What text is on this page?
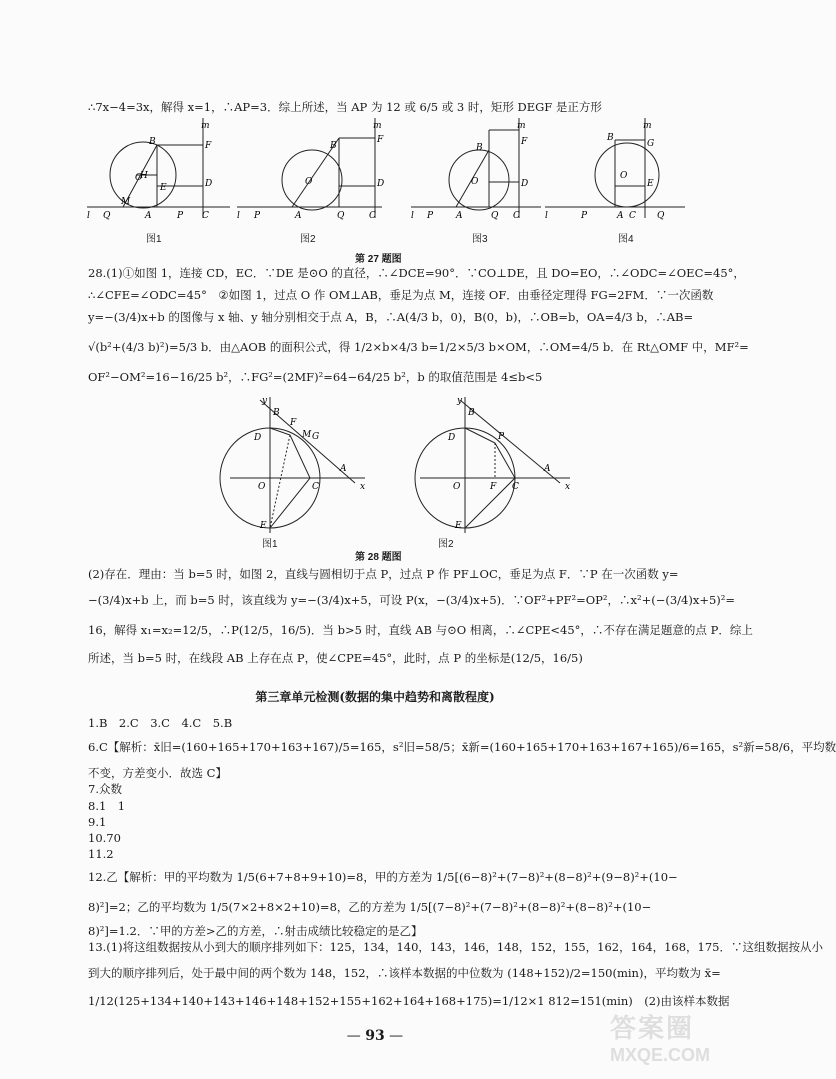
∴7x−4=3x，解得 x=1，∴AP=3．综上所述，当 AP 为 12 或 6/5 或 3 时，矩形 DEGF 是正方形
O
B
H
E
F
D
m
l Q
M
A	P C
O
B
F
D
m
l P	A	Q	C
O
B
F
D
m
l P	A	Q C
O
B
G
E
m
l	P	A C Q
图1	图2	图3	图4
第 27 题图
28.(1)①如图 1，连接 CD，EC．∵DE 是⊙O 的直径，∴∠DCE=90°．∵CO⊥DE，且 DO=EO，∴∠ODC=∠OEC=45°，
∴∠CFE=∠ODC=45°　②如图 1，过点 O 作 OM⊥AB，垂足为点 M，连接 OF．由垂径定理得 FG=2FM．∵一次函数
y=−(3/4)x+b 的图像与 x 轴、y 轴分别相交于点 A，B，∴A(4/3 b，0)，B(0，b)，∴OB=b，OA=4/3 b，∴AB=
√(b²+(4/3 b)²)=5/3 b．由△AOB 的面积公式，得 1/2×b×4/3 b=1/2×5/3 b×OM，∴OM=4/5 b．在 Rt△OMF 中，MF²=
OF²−OM²=16−16/25 b²，∴FG²=(2MF)²=64−64/25 b²，b 的取值范围是 4≤b<5
B
F
M G
D
O	C
A
x
y
E
B
P
D
O	F C
A
x
y
E
图1	图2
第 28 题图
(2)存在．理由：当 b=5 时，如图 2，直线与圆相切于点 P，过点 P 作 PF⊥OC，垂足为点 F．∵P 在一次函数 y=
−(3/4)x+b 上，而 b=5 时，该直线为 y=−(3/4)x+5，可设 P(x，−(3/4)x+5)．∵OF²+PF²=OP²，∴x²+(−(3/4)x+5)²=
16，解得 x₁=x₂=12/5，∴P(12/5，16/5)．当 b>5 时，直线 AB 与⊙O 相离，∴∠CPE<45°，∴不存在满足题意的点 P．综上
所述，当 b=5 时，在线段 AB 上存在点 P，使∠CPE=45°，此时，点 P 的坐标是(12/5，16/5)
第三章单元检测(数据的集中趋势和离散程度)
1.B　2.C　3.C　4.C　5.B
6.C【解析：x̄旧=(160+165+170+163+167)/5=165，s²旧=58/5；x̄新=(160+165+170+163+167+165)/6=165，s²新=58/6，平均数
不变，方差变小．故选 C】
7.众数
8.1　1
9.1
10.70
11.2
12.乙【解析：甲的平均数为 1/5(6+7+8+9+10)=8，甲的方差为 1/5[(6−8)²+(7−8)²+(8−8)²+(9−8)²+(10−
8)²]=2；乙的平均数为 1/5(7×2+8×2+10)=8，乙的方差为 1/5[(7−8)²+(7−8)²+(8−8)²+(8−8)²+(10−
8)²]=1.2．∵甲的方差>乙的方差，∴射击成绩比较稳定的是乙】
13.(1)将这组数据按从小到大的顺序排列如下：125，134，140，143，146，148，152，155，162，164，168，175．∵这组数据按从小
到大的顺序排列后，处于最中间的两个数为 148，152，∴该样本数据的中位数为 (148+152)/2=150(min)，平均数为 x̄=
1/12(125+134+140+143+146+148+152+155+162+164+168+175)=1/12×1 812=151(min)　(2)由该样本数据
— 93 —	答案圈
MXQE.COM
